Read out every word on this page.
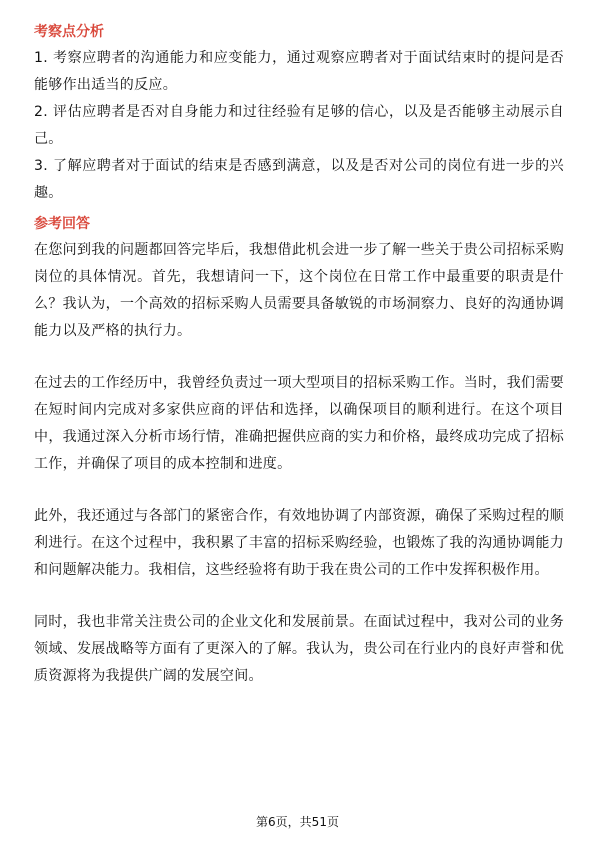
考察点分析

1. 考察应聘者的沟通能力和应变能力，通过观察应聘者对于面试结束时的提问是否能够作出适当的反应。

2. 评估应聘者是否对自身能力和过往经验有足够的信心，以及是否能够主动展示自己。

3. 了解应聘者对于面试的结束是否感到满意，以及是否对公司的岗位有进一步的兴趣。

参考回答

在您问到我的问题都回答完毕后，我想借此机会进一步了解一些关于贵公司招标采购岗位的具体情况。首先，我想请问一下，这个岗位在日常工作中最重要的职责是什么？我认为，一个高效的招标采购人员需要具备敏锐的市场洞察力、良好的沟通协调能力以及严格的执行力。

在过去的工作经历中，我曾经负责过一项大型项目的招标采购工作。当时，我们需要在短时间内完成对多家供应商的评估和选择，以确保项目的顺利进行。在这个项目中，我通过深入分析市场行情，准确把握供应商的实力和价格，最终成功完成了招标工作，并确保了项目的成本控制和进度。

此外，我还通过与各部门的紧密合作，有效地协调了内部资源，确保了采购过程的顺利进行。在这个过程中，我积累了丰富的招标采购经验，也锻炼了我的沟通协调能力和问题解决能力。我相信，这些经验将有助于我在贵公司的工作中发挥积极作用。

同时，我也非常关注贵公司的企业文化和发展前景。在面试过程中，我对公司的业务领域、发展战略等方面有了更深入的了解。我认为，贵公司在行业内的良好声誉和优质资源将为我提供广阔的发展空间。

第6页，共51页
